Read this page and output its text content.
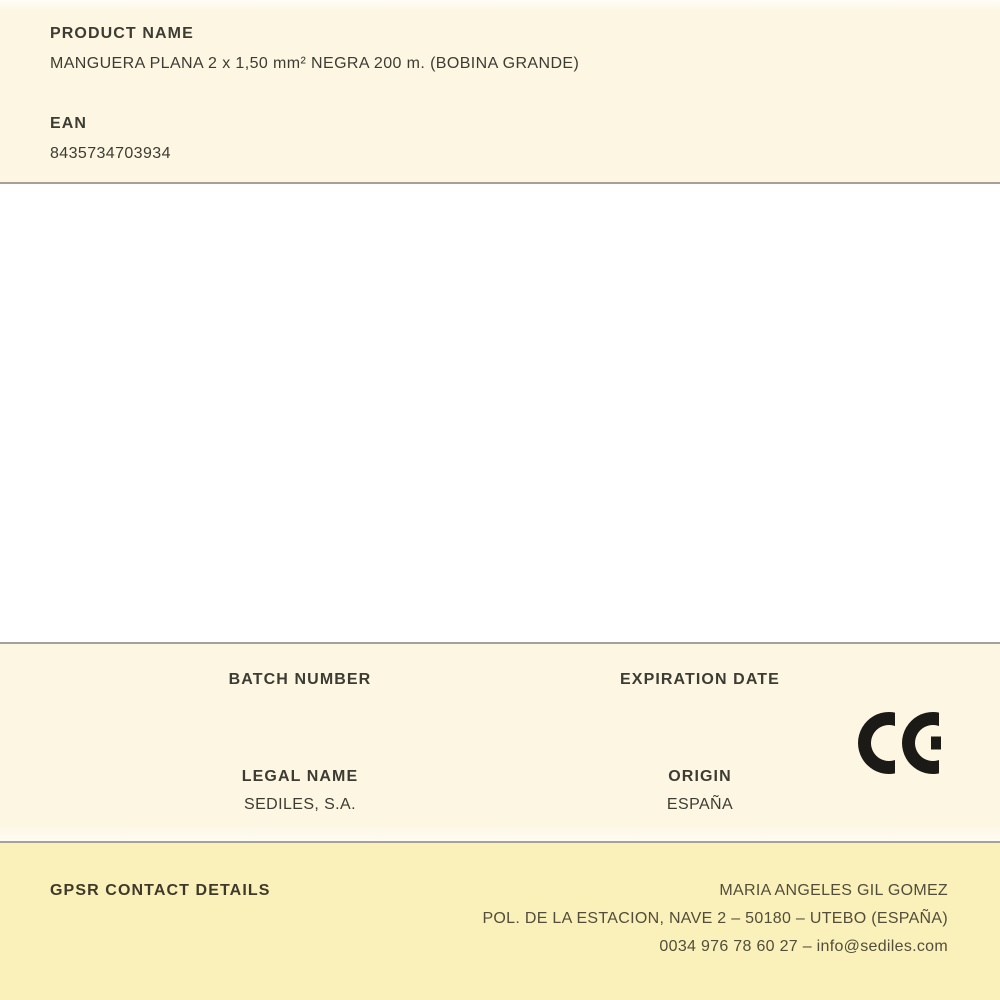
PRODUCT NAME
MANGUERA PLANA 2 x 1,50 mm² NEGRA 200 m. (BOBINA GRANDE)
EAN
8435734703934
BATCH NUMBER	EXPIRATION DATE
LEGAL NAME
SEDILES, S.A.
ORIGIN
ESPAÑA
GPSR CONTACT DETAILS	MARIA ANGELES GIL GOMEZ
POL. DE LA ESTACION, NAVE 2 – 50180 – UTEBO (ESPAÑA)
0034 976 78 60 27 – info@sediles.com
